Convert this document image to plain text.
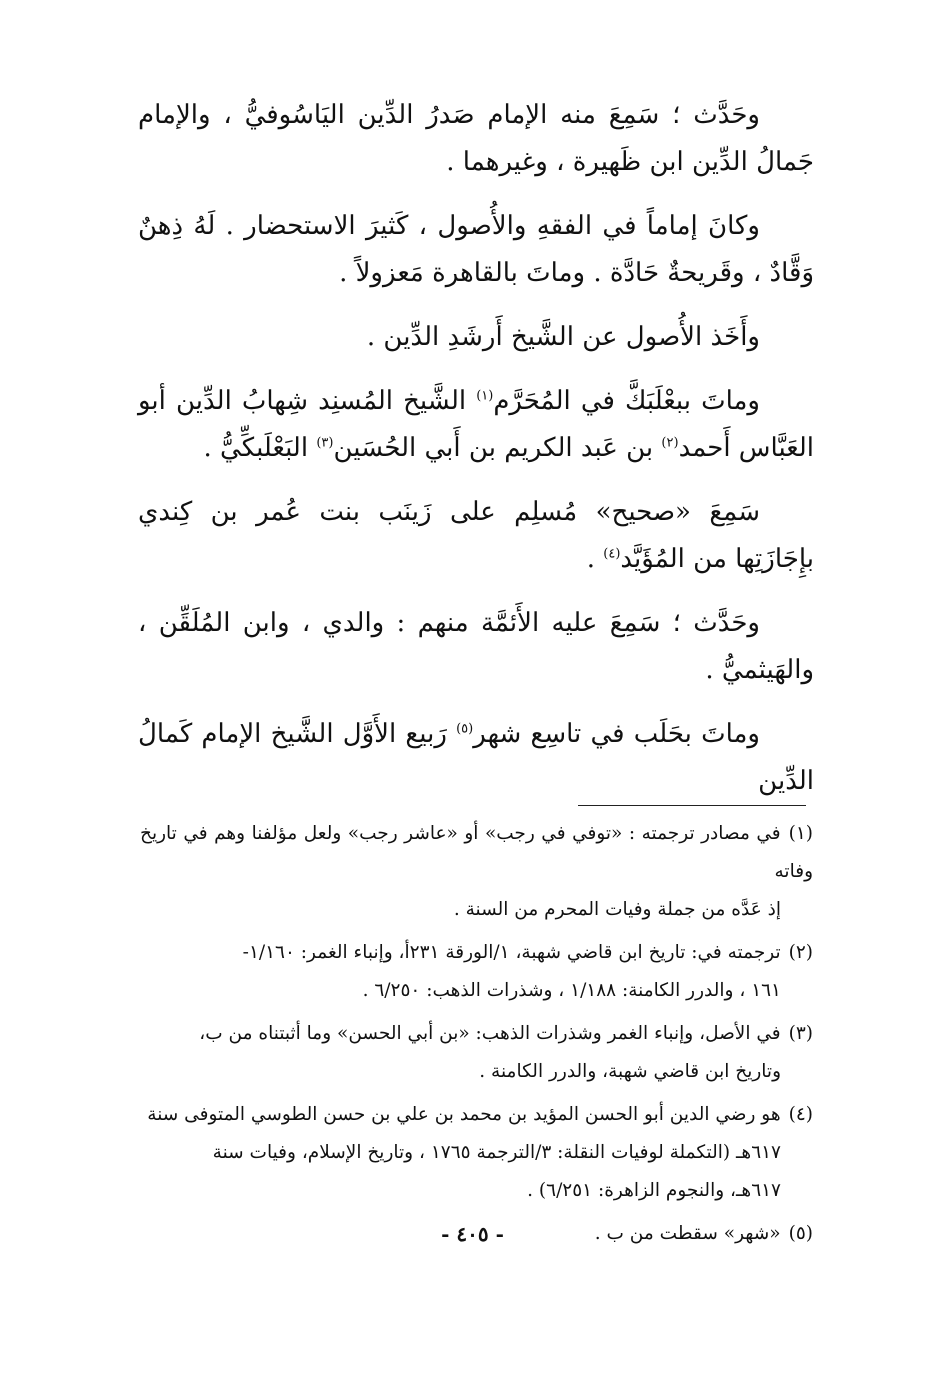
وحَدَّث ؛ سَمِعَ منه الإمام صَدرُ الدِّين اليَاسُوفيُّ ، والإمام جَمالُ الدِّين ابن ظَهيرة ، وغيرهما .

وكانَ إماماً في الفقهِ والأُصول ، كَثيرَ الاستحضار . لَهُ ذِهنٌ وَقَّادٌ ، وقَريحةٌ حَادَّة . وماتَ بالقاهرة مَعزولاً .

وأَخَذ الأُصول عن الشَّيخ أَرشَدِ الدِّين .

وماتَ ببعْلَبَكَّ في المُحَرَّم$^{(١)}$ الشَّيخ المُسنِد شِهابُ الدِّين أبو العَبَّاس أَحمد$^{(٢)}$ بن عَبد الكريم بن أَبي الحُسَين$^{(٣)}$ البَعْلَبكِّيُّ .

سَمِعَ «صحيح» مُسلِم على زَينَب بنت عُمر بن كِندي بإِجَازَتِها من المُؤَيَّد$^{(٤)}$ .

وحَدَّث ؛ سَمِعَ عليه الأَئمَّة منهم : والدي ، وابن المُلَقِّن ، والهَيثميُّ .

وماتَ بحَلَب في تاسِع شهر$^{(٥)}$ رَبيع الأَوَّل الشَّيخ الإمام كَمالُ الدِّين

(١)في مصادر ترجمته : «توفي في رجب» أو «عاشر رجب» ولعل مؤلفنا وهم في تاريخ وفاته
إذ عَدَّه من جملة وفيات المحرم من السنة .

(٢)ترجمته في: تاريخ ابن قاضي شهبة، ١/الورقة ٢٣١أ، وإنباء الغمر: ١/١٦٠-
١٦١ ، والدرر الكامنة: ١/١٨٨ ، وشذرات الذهب: ٦/٢٥٠ .

(٣)في الأصل، وإنباء الغمر وشذرات الذهب: «بن أبي الحسن» وما أثبتناه من ب،
وتاريخ ابن قاضي شهبة، والدرر الكامنة .

(٤)هو رضي الدين أبو الحسن المؤيد بن محمد بن علي بن حسن الطوسي المتوفى سنة
٦١٧هـ (التكملة لوفيات النقلة: ٣/الترجمة ١٧٦٥ ، وتاريخ الإسلام، وفيات سنة
٦١٧هـ، والنجوم الزاهرة: ٦/٢٥١) .

(٥)«شهر» سقطت من ب .

- ٤٠٥ -
